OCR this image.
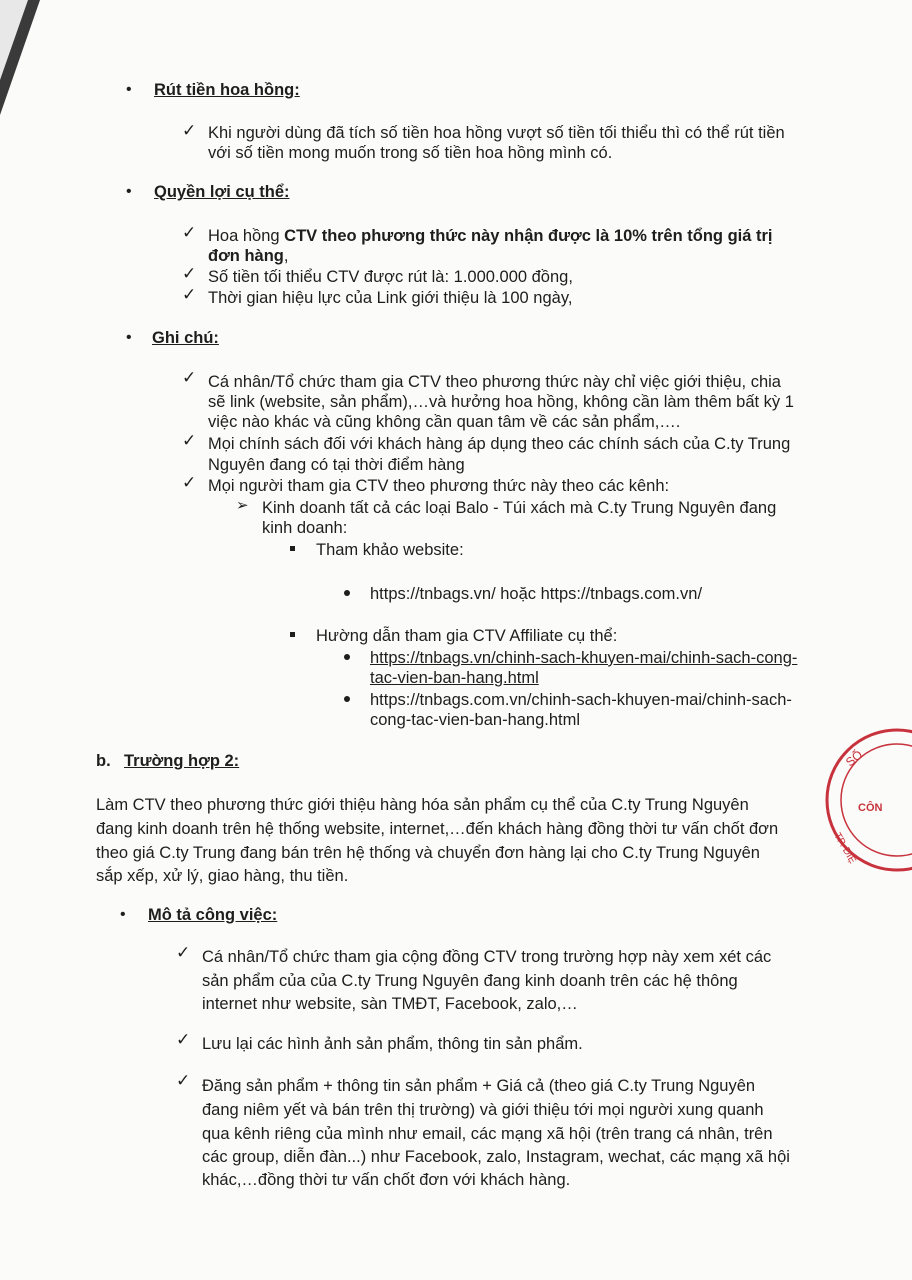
• Rút tiền hoa hồng:
✓ Khi người dùng đã tích số tiền hoa hồng vượt số tiền tối thiểu thì có thể rút tiền
với số tiền mong muốn trong số tiền hoa hồng mình có.
• Quyền lợi cụ thể:
✓ Hoa hồng CTV theo phương thức này nhận được là 10% trên tổng giá trị
đơn hàng,
✓ Số tiền tối thiểu CTV được rút là: 1.000.000 đồng,
✓ Thời gian hiệu lực của Link giới thiệu là 100 ngày,
• Ghi chú:
✓ Cá nhân/Tổ chức tham gia CTV theo phương thức này chỉ việc giới thiệu, chia
sẽ link (website, sản phẩm),…và hưởng hoa hồng, không cần làm thêm bất kỳ 1
việc nào khác và cũng không cần quan tâm về các sản phẩm,….
✓ Mọi chính sách đối với khách hàng áp dụng theo các chính sách của C.ty Trung
Nguyên đang có tại thời điểm hàng
✓ Mọi người tham gia CTV theo phương thức này theo các kênh:
➢ Kinh doanh tất cả các loại Balo - Túi xách mà C.ty Trung Nguyên đang
kinh doanh:
Tham khảo website:
https://tnbags.vn/ hoặc https://tnbags.com.vn/
Hường dẫn tham gia CTV Affiliate cụ thể:
https://tnbags.vn/chinh-sach-khuyen-mai/chinh-sach-cong-
tac-vien-ban-hang.html
https://tnbags.com.vn/chinh-sach-khuyen-mai/chinh-sach-
cong-tac-vien-ban-hang.html
b. Trường hợp 2:
Làm CTV theo phương thức giới thiệu hàng hóa sản phẩm cụ thể của C.ty Trung Nguyên
đang kinh doanh trên hệ thống website, internet,…đến khách hàng đồng thời tư vấn chốt đơn
theo giá C.ty Trung đang bán trên hệ thống và chuyển đơn hàng lại cho C.ty Trung Nguyên
sắp xếp, xử lý, giao hàng, thu tiền.
• Mô tả công việc:
✓ Cá nhân/Tổ chức tham gia cộng đồng CTV trong trường hợp này xem xét các
sản phẩm của của C.ty Trung Nguyên đang kinh doanh trên các hệ thông
internet như website, sàn TMĐT, Facebook, zalo,…
✓ Lưu lại các hình ảnh sản phẩm, thông tin sản phẩm.
✓ Đăng sản phẩm + thông tin sản phẩm + Giá cả (theo giá C.ty Trung Nguyên
đang niêm yết và bán trên thị trường) và giới thiệu tới mọi người xung quanh
qua kênh riêng của mình như email, các mạng xã hội (trên trang cá nhân, trên
các group, diễn đàn...) như Facebook, zalo, Instagram, wechat, các mạng xã hội
khác,…đồng thời tư vấn chốt đơn với khách hàng.
SỐ
CÔN
TP. ĐIỆ
